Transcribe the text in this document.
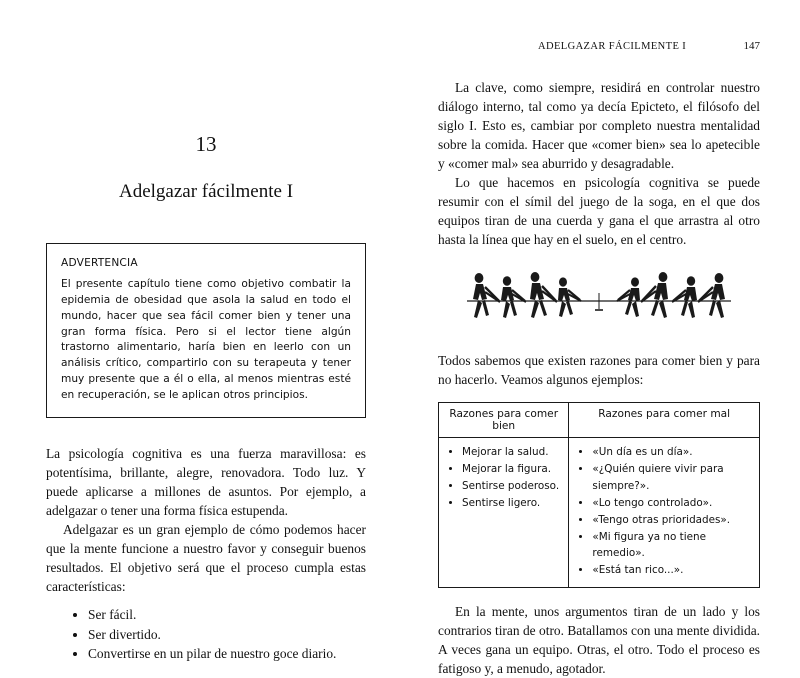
13
Adelgazar fácilmente I
ADVERTENCIA
El presente capítulo tiene como objetivo combatir la epidemia de obesidad que asola la salud en todo el mundo, hacer que sea fácil comer bien y tener una gran forma física. Pero si el lector tiene algún trastorno alimentario, haría bien en leerlo con un análisis crítico, compartirlo con su terapeuta y tener muy presente que a él o ella, al menos mientras esté en recuperación, se le aplican otros principios.

La psicología cognitiva es una fuerza maravillosa: es potentísima, brillante, alegre, renovadora. Todo luz. Y puede aplicarse a millones de asuntos. Por ejemplo, a adelgazar o tener una forma física estupenda.

Adelgazar es un gran ejemplo de cómo podemos hacer que la mente funcione a nuestro favor y conseguir buenos resultados. El objetivo será que el proceso cumpla estas características:

• Ser fácil.
• Ser divertido.
• Convertirse en un pilar de nuestro goce diario.
ADELGAZAR FÁCILMENTE I	147

La clave, como siempre, residirá en controlar nuestro diálogo interno, tal como ya decía Epicteto, el filósofo del siglo I. Esto es, cambiar por completo nuestra mentalidad sobre la comida. Hacer que «comer bien» sea lo apetecible y «comer mal» sea aburrido y desagradable.

Lo que hacemos en psicología cognitiva se puede resumir con el símil del juego de la soga, en el que dos equipos tiran de una cuerda y gana el que arrastra al otro hasta la línea que hay en el suelo, en el centro.

Todos sabemos que existen razones para comer bien y para no hacerlo. Veamos algunos ejemplos:

Razones para comer bien	Razones para comer mal

• Mejorar la salud.
• Mejorar la figura.
• Sentirse poderoso.
• Sentirse ligero.

• «Un día es un día».
• «¿Quién quiere vivir para siempre?».
• «Lo tengo controlado».
• «Tengo otras prioridades».
• «Mi figura ya no tiene remedio».
• «Está tan rico...».

En la mente, unos argumentos tiran de un lado y los contrarios tiran de otro. Batallamos con una mente dividida. A veces gana un equipo. Otras, el otro. Todo el proceso es fatigoso y, a menudo, agotador.
